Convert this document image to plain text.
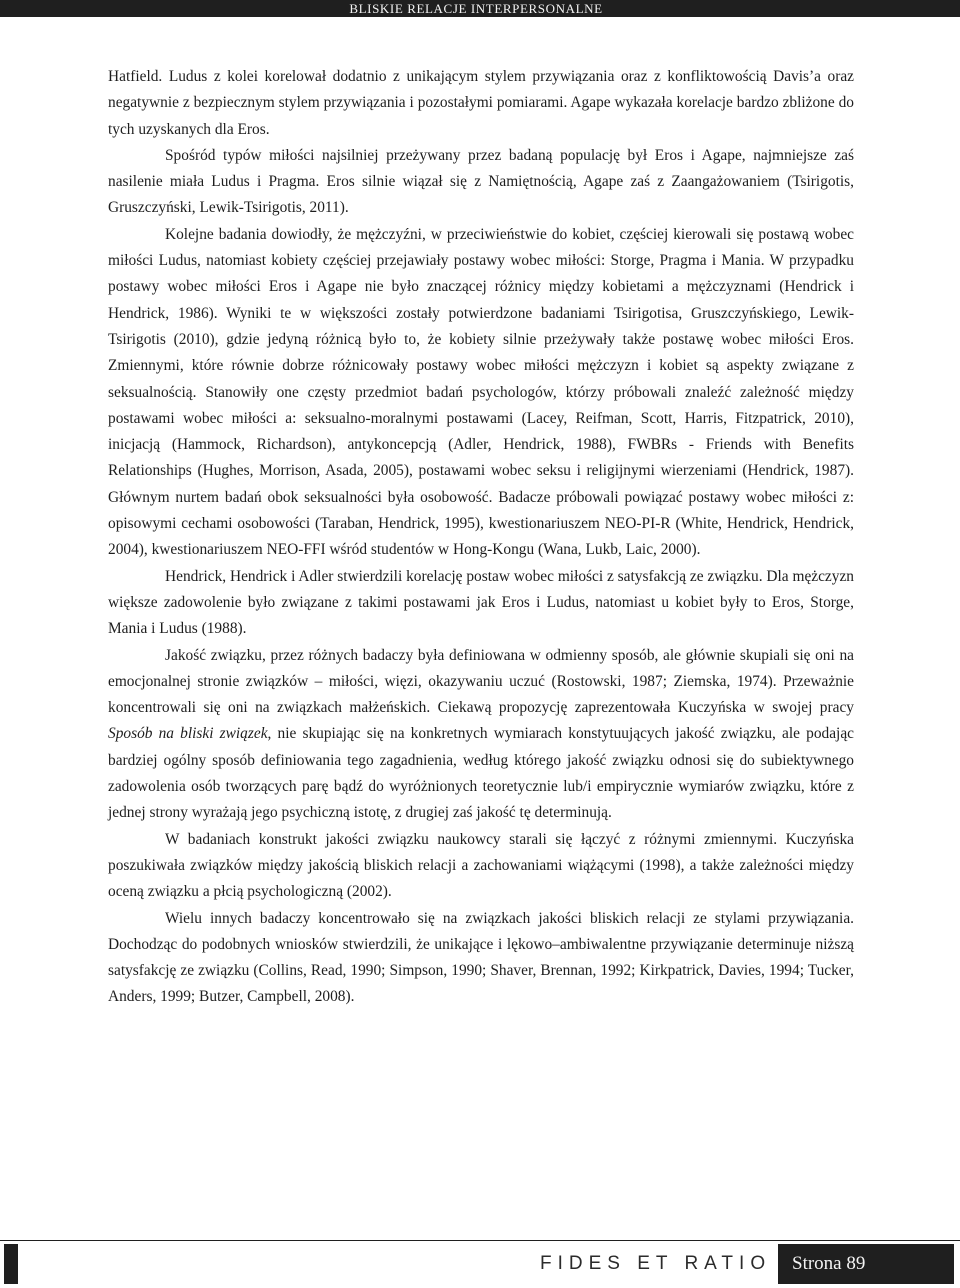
BLISKIE RELACJE INTERPERSONALNE

Hatfield. Ludus z kolei korelował dodatnio z unikającym stylem przywiązania oraz z konfliktowością Davis’a oraz negatywnie z bezpiecznym stylem przywiązania i pozostałymi pomiarami. Agape wykazała korelacje bardzo zbliżone do tych uzyskanych dla Eros.

Spośród typów miłości najsilniej przeżywany przez badaną populację był Eros i Agape, najmniejsze zaś nasilenie miała Ludus i Pragma. Eros silnie wiązał się z Namiętnością, Agape zaś z Zaangażowaniem (Tsirigotis, Gruszczyński, Lewik-Tsirigotis, 2011).

Kolejne badania dowiodły, że mężczyźni, w przeciwieństwie do kobiet, częściej kierowali się postawą wobec miłości Ludus, natomiast kobiety częściej przejawiały postawy wobec miłości: Storge, Pragma i Mania. W przypadku postawy wobec miłości Eros i Agape nie było znaczącej różnicy między kobietami a mężczyznami (Hendrick i Hendrick, 1986). Wyniki te w większości zostały potwierdzone badaniami Tsirigotisa, Gruszczyńskiego, Lewik-Tsirigotis (2010), gdzie jedyną różnicą było to, że kobiety silnie przeżywały także postawę wobec miłości Eros. Zmiennymi, które równie dobrze różnicowały postawy wobec miłości mężczyzn i kobiet są aspekty związane z seksualnością. Stanowiły one częsty przedmiot badań psychologów, którzy próbowali znaleźć zależność między postawami wobec miłości a: seksualno-moralnymi postawami (Lacey, Reifman, Scott, Harris, Fitzpatrick, 2010), inicjacją (Hammock, Richardson), antykoncepcją (Adler, Hendrick, 1988), FWBRs - Friends with Benefits Relationships (Hughes, Morrison, Asada, 2005), postawami wobec seksu i religijnymi wierzeniami (Hendrick, 1987). Głównym nurtem badań obok seksualności była osobowość. Badacze próbowali powiązać postawy wobec miłości z: opisowymi cechami osobowości (Taraban, Hendrick, 1995), kwestionariuszem NEO-PI-R (White, Hendrick, Hendrick, 2004), kwestionariuszem NEO-FFI wśród studentów w Hong-Kongu (Wana, Lukb, Laic, 2000).

Hendrick, Hendrick i Adler stwierdzili korelację postaw wobec miłości z satysfakcją ze związku. Dla mężczyzn większe zadowolenie było związane z takimi postawami jak Eros i Ludus, natomiast u kobiet były to Eros, Storge, Mania i Ludus (1988).

Jakość związku, przez różnych badaczy była definiowana w odmienny sposób, ale głównie skupiali się oni na emocjonalnej stronie związków – miłości, więzi, okazywaniu uczuć (Rostowski, 1987; Ziemska, 1974). Przeważnie koncentrowali się oni na związkach małżeńskich. Ciekawą propozycję zaprezentowała Kuczyńska w swojej pracy Sposób na bliski związek, nie skupiając się na konkretnych wymiarach konstytuujących jakość związku, ale podając bardziej ogólny sposób definiowania tego zagadnienia, według którego jakość związku odnosi się do subiektywnego zadowolenia osób tworzących parę bądź do wyróżnionych teoretycznie lub/i empirycznie wymiarów związku, które z jednej strony wyrażają jego psychiczną istotę, z drugiej zaś jakość tę determinują.

W badaniach konstrukt jakości związku naukowcy starali się łączyć z różnymi zmiennymi. Kuczyńska poszukiwała związków między jakością bliskich relacji a zachowaniami wiążącymi (1998), a także zależności między oceną związku a płcią psychologiczną (2002).

Wielu innych badaczy koncentrowało się na związkach jakości bliskich relacji ze stylami przywiązania. Dochodząc do podobnych wniosków stwierdzili, że unikające i lękowo–ambiwalentne przywiązanie determinuje niższą satysfakcję ze związku (Collins, Read, 1990; Simpson, 1990; Shaver, Brennan, 1992; Kirkpatrick, Davies, 1994; Tucker, Anders, 1999; Butzer, Campbell, 2008).

FIDES ET RATIO	Strona 89
